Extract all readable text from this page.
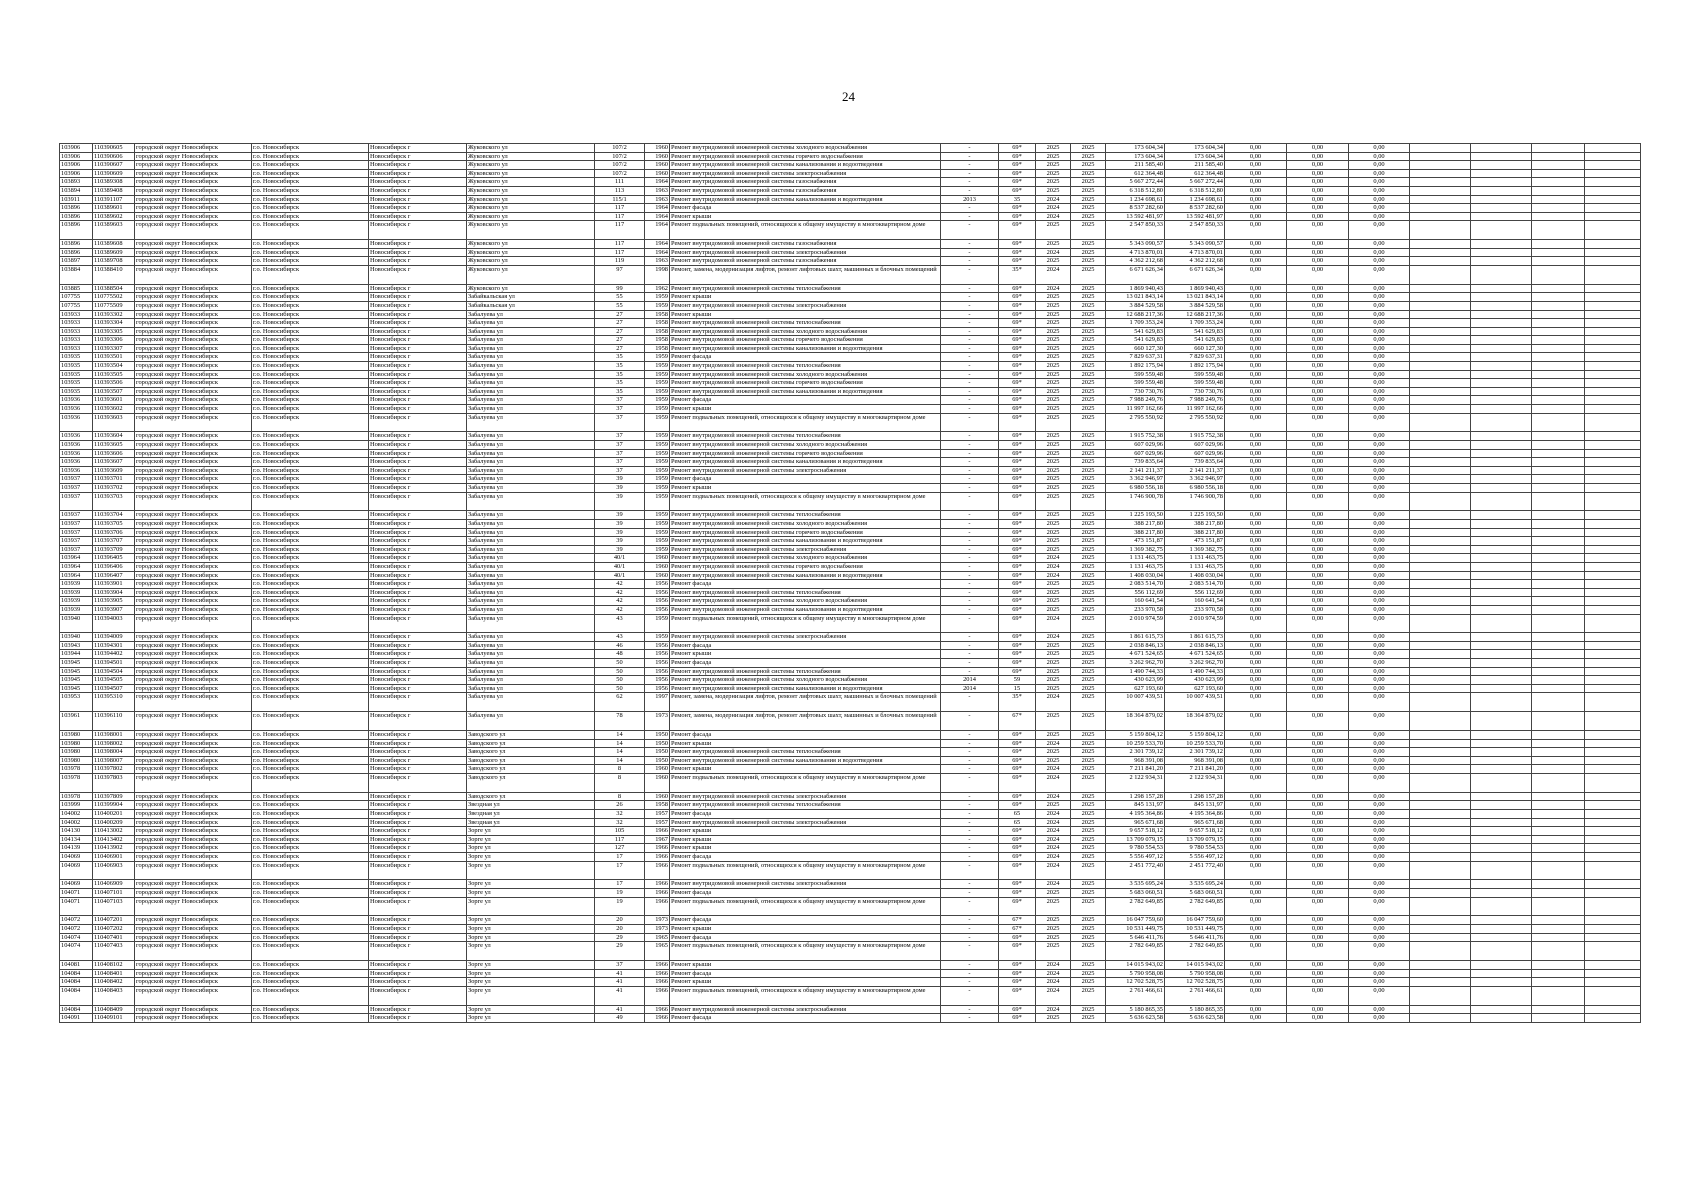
24
103906	110390605	городской округ Новосибирск	г.о. Новосибирск	Новосибирск г	Жуковского ул	107/2	1960	Ремонт внутридомовой инженерной системы холодного водоснабжения	-	69*	2025	2025	173 604,34	173 604,34	0,00	0,00	0,00				
103906	110390606	городской округ Новосибирск	г.о. Новосибирск	Новосибирск г	Жуковского ул	107/2	1960	Ремонт внутридомовой инженерной системы горячего водоснабжения	-	69*	2025	2025	173 604,34	173 604,34	0,00	0,00	0,00				
103906	110390607	городской округ Новосибирск	г.о. Новосибирск	Новосибирск г	Жуковского ул	107/2	1960	Ремонт внутридомовой инженерной системы канализования и водоотведения	-	69*	2025	2025	211 585,40	211 585,40	0,00	0,00	0,00				
103906	110390609	городской округ Новосибирск	г.о. Новосибирск	Новосибирск г	Жуковского ул	107/2	1960	Ремонт внутридомовой инженерной системы электроснабжения	-	69*	2025	2025	612 364,48	612 364,48	0,00	0,00	0,00				
103893	110389308	городской округ Новосибирск	г.о. Новосибирск	Новосибирск г	Жуковского ул	111	1964	Ремонт внутридомовой инженерной системы газоснабжения	-	69*	2025	2025	5 667 272,44	5 667 272,44	0,00	0,00	0,00				
103894	110389408	городской округ Новосибирск	г.о. Новосибирск	Новосибирск г	Жуковского ул	113	1963	Ремонт внутридомовой инженерной системы газоснабжения	-	69*	2025	2025	6 318 512,80	6 318 512,80	0,00	0,00	0,00				
103911	110391107	городской округ Новосибирск	г.о. Новосибирск	Новосибирск г	Жуковского ул	115/1	1963	Ремонт внутридомовой инженерной системы канализования и водоотведения	2013	35	2024	2025	1 234 698,61	1 234 698,61	0,00	0,00	0,00				
103896	110389601	городской округ Новосибирск	г.о. Новосибирск	Новосибирск г	Жуковского ул	117	1964	Ремонт фасада	-	69*	2024	2025	8 537 282,60	8 537 282,60	0,00	0,00	0,00				
103896	110389602	городской округ Новосибирск	г.о. Новосибирск	Новосибирск г	Жуковского ул	117	1964	Ремонт крыши	-	69*	2024	2025	13 592 481,97	13 592 481,97	0,00	0,00	0,00				
103896	110389603	городской округ Новосибирск	г.о. Новосибирск	Новосибирск г	Жуковского ул	117	1964	Ремонт подвальных помещений, относящихся к общему имуществу в многоквартирном доме	-	69*	2025	2025	2 547 850,33	2 547 850,33	0,00	0,00	0,00				
103896	110389608	городской округ Новосибирск	г.о. Новосибирск	Новосибирск г	Жуковского ул	117	1964	Ремонт внутридомовой инженерной системы газоснабжения	-	69*	2025	2025	5 343 090,57	5 343 090,57	0,00	0,00	0,00				
103896	110389609	городской округ Новосибирск	г.о. Новосибирск	Новосибирск г	Жуковского ул	117	1964	Ремонт внутридомовой инженерной системы электроснабжения	-	69*	2024	2025	4 713 870,01	4 713 870,01	0,00	0,00	0,00				
103897	110389708	городской округ Новосибирск	г.о. Новосибирск	Новосибирск г	Жуковского ул	119	1963	Ремонт внутридомовой инженерной системы газоснабжения	-	69*	2025	2025	4 362 212,68	4 362 212,68	0,00	0,00	0,00				
103884	110388410	городской округ Новосибирск	г.о. Новосибирск	Новосибирск г	Жуковского ул	97	1998	Ремонт, замена, модернизация лифтов, ремонт лифтовых шахт, машинных и блочных помещений	-	35*	2024	2025	6 671 626,34	6 671 626,34	0,00	0,00	0,00				
103885	110388504	городской округ Новосибирск	г.о. Новосибирск	Новосибирск г	Жуковского ул	99	1962	Ремонт внутридомовой инженерной системы теплоснабжения	-	69*	2024	2025	1 869 940,43	1 869 940,43	0,00	0,00	0,00				
107755	110775502	городской округ Новосибирск	г.о. Новосибирск	Новосибирск г	Забайкальская ул	55	1959	Ремонт крыши	-	69*	2025	2025	13 021 843,14	13 021 843,14	0,00	0,00	0,00				
107755	110775509	городской округ Новосибирск	г.о. Новосибирск	Новосибирск г	Забайкальская ул	55	1959	Ремонт внутридомовой инженерной системы электроснабжения	-	69*	2025	2025	3 884 529,58	3 884 529,58	0,00	0,00	0,00				
103933	110393302	городской округ Новосибирск	г.о. Новосибирск	Новосибирск г	Забалуева ул	27	1958	Ремонт крыши	-	69*	2025	2025	12 688 217,36	12 688 217,36	0,00	0,00	0,00				
103933	110393304	городской округ Новосибирск	г.о. Новосибирск	Новосибирск г	Забалуева ул	27	1958	Ремонт внутридомовой инженерной системы теплоснабжения	-	69*	2025	2025	1 709 353,24	1 709 353,24	0,00	0,00	0,00				
103933	110393305	городской округ Новосибирск	г.о. Новосибирск	Новосибирск г	Забалуева ул	27	1958	Ремонт внутридомовой инженерной системы холодного водоснабжения	-	69*	2025	2025	541 629,83	541 629,83	0,00	0,00	0,00				
103933	110393306	городской округ Новосибирск	г.о. Новосибирск	Новосибирск г	Забалуева ул	27	1958	Ремонт внутридомовой инженерной системы горячего водоснабжения	-	69*	2025	2025	541 629,83	541 629,83	0,00	0,00	0,00				
103933	110393307	городской округ Новосибирск	г.о. Новосибирск	Новосибирск г	Забалуева ул	27	1958	Ремонт внутридомовой инженерной системы канализования и водоотведения	-	69*	2025	2025	660 127,30	660 127,30	0,00	0,00	0,00				
103935	110393501	городской округ Новосибирск	г.о. Новосибирск	Новосибирск г	Забалуева ул	35	1959	Ремонт фасада	-	69*	2025	2025	7 829 637,31	7 829 637,31	0,00	0,00	0,00				
103935	110393504	городской округ Новосибирск	г.о. Новосибирск	Новосибирск г	Забалуева ул	35	1959	Ремонт внутридомовой инженерной системы теплоснабжения	-	69*	2025	2025	1 892 175,94	1 892 175,94	0,00	0,00	0,00				
103935	110393505	городской округ Новосибирск	г.о. Новосибирск	Новосибирск г	Забалуева ул	35	1959	Ремонт внутридомовой инженерной системы холодного водоснабжения	-	69*	2025	2025	599 559,48	599 559,48	0,00	0,00	0,00				
103935	110393506	городской округ Новосибирск	г.о. Новосибирск	Новосибирск г	Забалуева ул	35	1959	Ремонт внутридомовой инженерной системы горячего водоснабжения	-	69*	2025	2025	599 559,48	599 559,48	0,00	0,00	0,00				
103935	110393507	городской округ Новосибирск	г.о. Новосибирск	Новосибирск г	Забалуева ул	35	1959	Ремонт внутридомовой инженерной системы канализования и водоотведения	-	69*	2025	2025	730 730,76	730 730,76	0,00	0,00	0,00				
103936	110393601	городской округ Новосибирск	г.о. Новосибирск	Новосибирск г	Забалуева ул	37	1959	Ремонт фасада	-	69*	2025	2025	7 988 249,76	7 988 249,76	0,00	0,00	0,00				
103936	110393602	городской округ Новосибирск	г.о. Новосибирск	Новосибирск г	Забалуева ул	37	1959	Ремонт крыши	-	69*	2025	2025	11 997 162,66	11 997 162,66	0,00	0,00	0,00				
103936	110393603	городской округ Новосибирск	г.о. Новосибирск	Новосибирск г	Забалуева ул	37	1959	Ремонт подвальных помещений, относящихся к общему имуществу в многоквартирном доме	-	69*	2025	2025	2 795 550,92	2 795 550,92	0,00	0,00	0,00				
103936	110393604	городской округ Новосибирск	г.о. Новосибирск	Новосибирск г	Забалуева ул	37	1959	Ремонт внутридомовой инженерной системы теплоснабжения	-	69*	2025	2025	1 915 752,38	1 915 752,38	0,00	0,00	0,00				
103936	110393605	городской округ Новосибирск	г.о. Новосибирск	Новосибирск г	Забалуева ул	37	1959	Ремонт внутридомовой инженерной системы холодного водоснабжения	-	69*	2025	2025	607 029,96	607 029,96	0,00	0,00	0,00				
103936	110393606	городской округ Новосибирск	г.о. Новосибирск	Новосибирск г	Забалуева ул	37	1959	Ремонт внутридомовой инженерной системы горячего водоснабжения	-	69*	2025	2025	607 029,96	607 029,96	0,00	0,00	0,00				
103936	110393607	городской округ Новосибирск	г.о. Новосибирск	Новосибирск г	Забалуева ул	37	1959	Ремонт внутридомовой инженерной системы канализования и водоотведения	-	69*	2025	2025	739 835,64	739 835,64	0,00	0,00	0,00				
103936	110393609	городской округ Новосибирск	г.о. Новосибирск	Новосибирск г	Забалуева ул	37	1959	Ремонт внутридомовой инженерной системы электроснабжения	-	69*	2025	2025	2 141 211,37	2 141 211,37	0,00	0,00	0,00				
103937	110393701	городской округ Новосибирск	г.о. Новосибирск	Новосибирск г	Забалуева ул	39	1959	Ремонт фасада	-	69*	2025	2025	3 362 946,97	3 362 946,97	0,00	0,00	0,00				
103937	110393702	городской округ Новосибирск	г.о. Новосибирск	Новосибирск г	Забалуева ул	39	1959	Ремонт крыши	-	69*	2025	2025	6 980 556,18	6 980 556,18	0,00	0,00	0,00				
103937	110393703	городской округ Новосибирск	г.о. Новосибирск	Новосибирск г	Забалуева ул	39	1959	Ремонт подвальных помещений, относящихся к общему имуществу в многоквартирном доме	-	69*	2025	2025	1 746 900,78	1 746 900,78	0,00	0,00	0,00				
103937	110393704	городской округ Новосибирск	г.о. Новосибирск	Новосибирск г	Забалуева ул	39	1959	Ремонт внутридомовой инженерной системы теплоснабжения	-	69*	2025	2025	1 225 193,50	1 225 193,50	0,00	0,00	0,00				
103937	110393705	городской округ Новосибирск	г.о. Новосибирск	Новосибирск г	Забалуева ул	39	1959	Ремонт внутридомовой инженерной системы холодного водоснабжения	-	69*	2025	2025	388 217,80	388 217,80	0,00	0,00	0,00				
103937	110393706	городской округ Новосибирск	г.о. Новосибирск	Новосибирск г	Забалуева ул	39	1959	Ремонт внутридомовой инженерной системы горячего водоснабжения	-	69*	2025	2025	388 217,80	388 217,80	0,00	0,00	0,00				
103937	110393707	городской округ Новосибирск	г.о. Новосибирск	Новосибирск г	Забалуева ул	39	1959	Ремонт внутридомовой инженерной системы канализования и водоотведения	-	69*	2025	2025	473 151,87	473 151,87	0,00	0,00	0,00				
103937	110393709	городской округ Новосибирск	г.о. Новосибирск	Новосибирск г	Забалуева ул	39	1959	Ремонт внутридомовой инженерной системы электроснабжения	-	69*	2025	2025	1 369 382,75	1 369 382,75	0,00	0,00	0,00				
103964	110396405	городской округ Новосибирск	г.о. Новосибирск	Новосибирск г	Забалуева ул	40/1	1960	Ремонт внутридомовой инженерной системы холодного водоснабжения	-	69*	2024	2025	1 131 463,75	1 131 463,75	0,00	0,00	0,00				
103964	110396406	городской округ Новосибирск	г.о. Новосибирск	Новосибирск г	Забалуева ул	40/1	1960	Ремонт внутридомовой инженерной системы горячего водоснабжения	-	69*	2024	2025	1 131 463,75	1 131 463,75	0,00	0,00	0,00				
103964	110396407	городской округ Новосибирск	г.о. Новосибирск	Новосибирск г	Забалуева ул	40/1	1960	Ремонт внутридомовой инженерной системы канализования и водоотведения	-	69*	2024	2025	1 408 030,04	1 408 030,04	0,00	0,00	0,00				
103939	110393901	городской округ Новосибирск	г.о. Новосибирск	Новосибирск г	Забалуева ул	42	1956	Ремонт фасада	-	69*	2025	2025	2 083 514,70	2 083 514,70	0,00	0,00	0,00				
103939	110393904	городской округ Новосибирск	г.о. Новосибирск	Новосибирск г	Забалуева ул	42	1956	Ремонт внутридомовой инженерной системы теплоснабжения	-	69*	2025	2025	556 112,69	556 112,69	0,00	0,00	0,00				
103939	110393905	городской округ Новосибирск	г.о. Новосибирск	Новосибирск г	Забалуева ул	42	1956	Ремонт внутридомовой инженерной системы холодного водоснабжения	-	69*	2025	2025	160 641,54	160 641,54	0,00	0,00	0,00				
103939	110393907	городской округ Новосибирск	г.о. Новосибирск	Новосибирск г	Забалуева ул	42	1956	Ремонт внутридомовой инженерной системы канализования и водоотведения	-	69*	2025	2025	233 970,58	233 970,58	0,00	0,00	0,00				
103940	110394003	городской округ Новосибирск	г.о. Новосибирск	Новосибирск г	Забалуева ул	43	1959	Ремонт подвальных помещений, относящихся к общему имуществу в многоквартирном доме	-	69*	2024	2025	2 010 974,59	2 010 974,59	0,00	0,00	0,00				
103940	110394009	городской округ Новосибирск	г.о. Новосибирск	Новосибирск г	Забалуева ул	43	1959	Ремонт внутридомовой инженерной системы электроснабжения	-	69*	2024	2025	1 861 615,73	1 861 615,73	0,00	0,00	0,00				
103943	110394301	городской округ Новосибирск	г.о. Новосибирск	Новосибирск г	Забалуева ул	46	1956	Ремонт фасада	-	69*	2025	2025	2 038 846,13	2 038 846,13	0,00	0,00	0,00				
103944	110394402	городской округ Новосибирск	г.о. Новосибирск	Новосибирск г	Забалуева ул	48	1956	Ремонт крыши	-	69*	2025	2025	4 671 524,65	4 671 524,65	0,00	0,00	0,00				
103945	110394501	городской округ Новосибирск	г.о. Новосибирск	Новосибирск г	Забалуева ул	50	1956	Ремонт фасада	-	69*	2025	2025	3 262 962,70	3 262 962,70	0,00	0,00	0,00				
103945	110394504	городской округ Новосибирск	г.о. Новосибирск	Новосибирск г	Забалуева ул	50	1956	Ремонт внутридомовой инженерной системы теплоснабжения	-	69*	2025	2025	1 490 744,33	1 490 744,33	0,00	0,00	0,00				
103945	110394505	городской округ Новосибирск	г.о. Новосибирск	Новосибирск г	Забалуева ул	50	1956	Ремонт внутридомовой инженерной системы холодного водоснабжения	2014	59	2025	2025	430 623,99	430 623,99	0,00	0,00	0,00				
103945	110394507	городской округ Новосибирск	г.о. Новосибирск	Новосибирск г	Забалуева ул	50	1956	Ремонт внутридомовой инженерной системы канализования и водоотведения	2014	15	2025	2025	627 193,60	627 193,60	0,00	0,00	0,00				
103953	110395310	городской округ Новосибирск	г.о. Новосибирск	Новосибирск г	Забалуева ул	62	1997	Ремонт, замена, модернизация лифтов, ремонт лифтовых шахт, машинных и блочных помещений	-	35*	2024	2025	10 007 439,51	10 007 439,51	0,00	0,00	0,00				
103961	110396110	городской округ Новосибирск	г.о. Новосибирск	Новосибирск г	Забалуева ул	78	1973	Ремонт, замена, модернизация лифтов, ремонт лифтовых шахт, машинных и блочных помещений	-	67*	2025	2025	18 364 879,02	18 364 879,02	0,00	0,00	0,00				
103980	110398001	городской округ Новосибирск	г.о. Новосибирск	Новосибирск г	Заводского ул	14	1950	Ремонт фасада	-	69*	2025	2025	5 159 804,12	5 159 804,12	0,00	0,00	0,00				
103980	110398002	городской округ Новосибирск	г.о. Новосибирск	Новосибирск г	Заводского ул	14	1950	Ремонт крыши	-	69*	2024	2025	10 259 533,70	10 259 533,70	0,00	0,00	0,00				
103980	110398004	городской округ Новосибирск	г.о. Новосибирск	Новосибирск г	Заводского ул	14	1950	Ремонт внутридомовой инженерной системы теплоснабжения	-	69*	2025	2025	2 301 739,12	2 301 739,12	0,00	0,00	0,00				
103980	110398007	городской округ Новосибирск	г.о. Новосибирск	Новосибирск г	Заводского ул	14	1950	Ремонт внутридомовой инженерной системы канализования и водоотведения	-	69*	2025	2025	968 391,08	968 391,08	0,00	0,00	0,00				
103978	110397802	городской округ Новосибирск	г.о. Новосибирск	Новосибирск г	Заводского ул	8	1960	Ремонт крыши	-	69*	2024	2025	7 211 841,20	7 211 841,20	0,00	0,00	0,00				
103978	110397803	городской округ Новосибирск	г.о. Новосибирск	Новосибирск г	Заводского ул	8	1960	Ремонт подвальных помещений, относящихся к общему имуществу в многоквартирном доме	-	69*	2024	2025	2 122 934,31	2 122 934,31	0,00	0,00	0,00				
103978	110397809	городской округ Новосибирск	г.о. Новосибирск	Новосибирск г	Заводского ул	8	1960	Ремонт внутридомовой инженерной системы электроснабжения	-	69*	2024	2025	1 298 157,28	1 298 157,28	0,00	0,00	0,00				
103999	110399904	городской округ Новосибирск	г.о. Новосибирск	Новосибирск г	Звездная ул	26	1958	Ремонт внутридомовой инженерной системы теплоснабжения	-	69*	2025	2025	845 131,97	845 131,97	0,00	0,00	0,00				
104002	110400201	городской округ Новосибирск	г.о. Новосибирск	Новосибирск г	Звездная ул	32	1957	Ремонт фасада	-	65	2024	2025	4 195 364,86	4 195 364,86	0,00	0,00	0,00				
104002	110400209	городской округ Новосибирск	г.о. Новосибирск	Новосибирск г	Звездная ул	32	1957	Ремонт внутридомовой инженерной системы электроснабжения	-	65	2024	2025	965 671,68	965 671,68	0,00	0,00	0,00				
104130	110413002	городской округ Новосибирск	г.о. Новосибирск	Новосибирск г	Зорге ул	105	1966	Ремонт крыши	-	69*	2024	2025	9 657 518,12	9 657 518,12	0,00	0,00	0,00				
104134	110413402	городской округ Новосибирск	г.о. Новосибирск	Новосибирск г	Зорге ул	117	1967	Ремонт крыши	-	69*	2024	2025	13 709 079,15	13 709 079,15	0,00	0,00	0,00				
104139	110413902	городской округ Новосибирск	г.о. Новосибирск	Новосибирск г	Зорге ул	127	1966	Ремонт крыши	-	69*	2024	2025	9 780 554,53	9 780 554,53	0,00	0,00	0,00				
104069	110406901	городской округ Новосибирск	г.о. Новосибирск	Новосибирск г	Зорге ул	17	1966	Ремонт фасада	-	69*	2024	2025	5 556 497,12	5 556 497,12	0,00	0,00	0,00				
104069	110406903	городской округ Новосибирск	г.о. Новосибирск	Новосибирск г	Зорге ул	17	1966	Ремонт подвальных помещений, относящихся к общему имуществу в многоквартирном доме	-	69*	2024	2025	2 451 772,40	2 451 772,40	0,00	0,00	0,00				
104069	110406909	городской округ Новосибирск	г.о. Новосибирск	Новосибирск г	Зорге ул	17	1966	Ремонт внутридомовой инженерной системы электроснабжения	-	69*	2024	2025	3 535 695,24	3 535 695,24	0,00	0,00	0,00				
104071	110407101	городской округ Новосибирск	г.о. Новосибирск	Новосибирск г	Зорге ул	19	1966	Ремонт фасада	-	69*	2025	2025	5 683 060,51	5 683 060,51	0,00	0,00	0,00				
104071	110407103	городской округ Новосибирск	г.о. Новосибирск	Новосибирск г	Зорге ул	19	1966	Ремонт подвальных помещений, относящихся к общему имуществу в многоквартирном доме	-	69*	2025	2025	2 782 649,85	2 782 649,85	0,00	0,00	0,00				
104072	110407201	городской округ Новосибирск	г.о. Новосибирск	Новосибирск г	Зорге ул	20	1973	Ремонт фасада	-	67*	2025	2025	16 047 759,60	16 047 759,60	0,00	0,00	0,00				
104072	110407202	городской округ Новосибирск	г.о. Новосибирск	Новосибирск г	Зорге ул	20	1973	Ремонт крыши	-	67*	2025	2025	10 531 449,75	10 531 449,75	0,00	0,00	0,00				
104074	110407401	городской округ Новосибирск	г.о. Новосибирск	Новосибирск г	Зорге ул	29	1965	Ремонт фасада	-	69*	2025	2025	5 646 411,76	5 646 411,76	0,00	0,00	0,00				
104074	110407403	городской округ Новосибирск	г.о. Новосибирск	Новосибирск г	Зорге ул	29	1965	Ремонт подвальных помещений, относящихся к общему имуществу в многоквартирном доме	-	69*	2025	2025	2 782 649,85	2 782 649,85	0,00	0,00	0,00				
104081	110408102	городской округ Новосибирск	г.о. Новосибирск	Новосибирск г	Зорге ул	37	1966	Ремонт крыши	-	69*	2024	2025	14 015 943,02	14 015 943,02	0,00	0,00	0,00				
104084	110408401	городской округ Новосибирск	г.о. Новосибирск	Новосибирск г	Зорге ул	41	1966	Ремонт фасада	-	69*	2024	2025	5 790 958,08	5 790 958,08	0,00	0,00	0,00				
104084	110408402	городской округ Новосибирск	г.о. Новосибирск	Новосибирск г	Зорге ул	41	1966	Ремонт крыши	-	69*	2024	2025	12 702 528,75	12 702 528,75	0,00	0,00	0,00				
104084	110408403	городской округ Новосибирск	г.о. Новосибирск	Новосибирск г	Зорге ул	41	1966	Ремонт подвальных помещений, относящихся к общему имуществу в многоквартирном доме	-	69*	2024	2025	2 761 466,61	2 761 466,61	0,00	0,00	0,00				
104084	110408409	городской округ Новосибирск	г.о. Новосибирск	Новосибирск г	Зорге ул	41	1966	Ремонт внутридомовой инженерной системы электроснабжения	-	69*	2024	2025	5 180 865,35	5 180 865,35	0,00	0,00	0,00				
104091	110409101	городской округ Новосибирск	г.о. Новосибирск	Новосибирск г	Зорге ул	49	1966	Ремонт фасада	-	69*	2025	2025	5 636 623,58	5 636 623,58	0,00	0,00	0,00				
